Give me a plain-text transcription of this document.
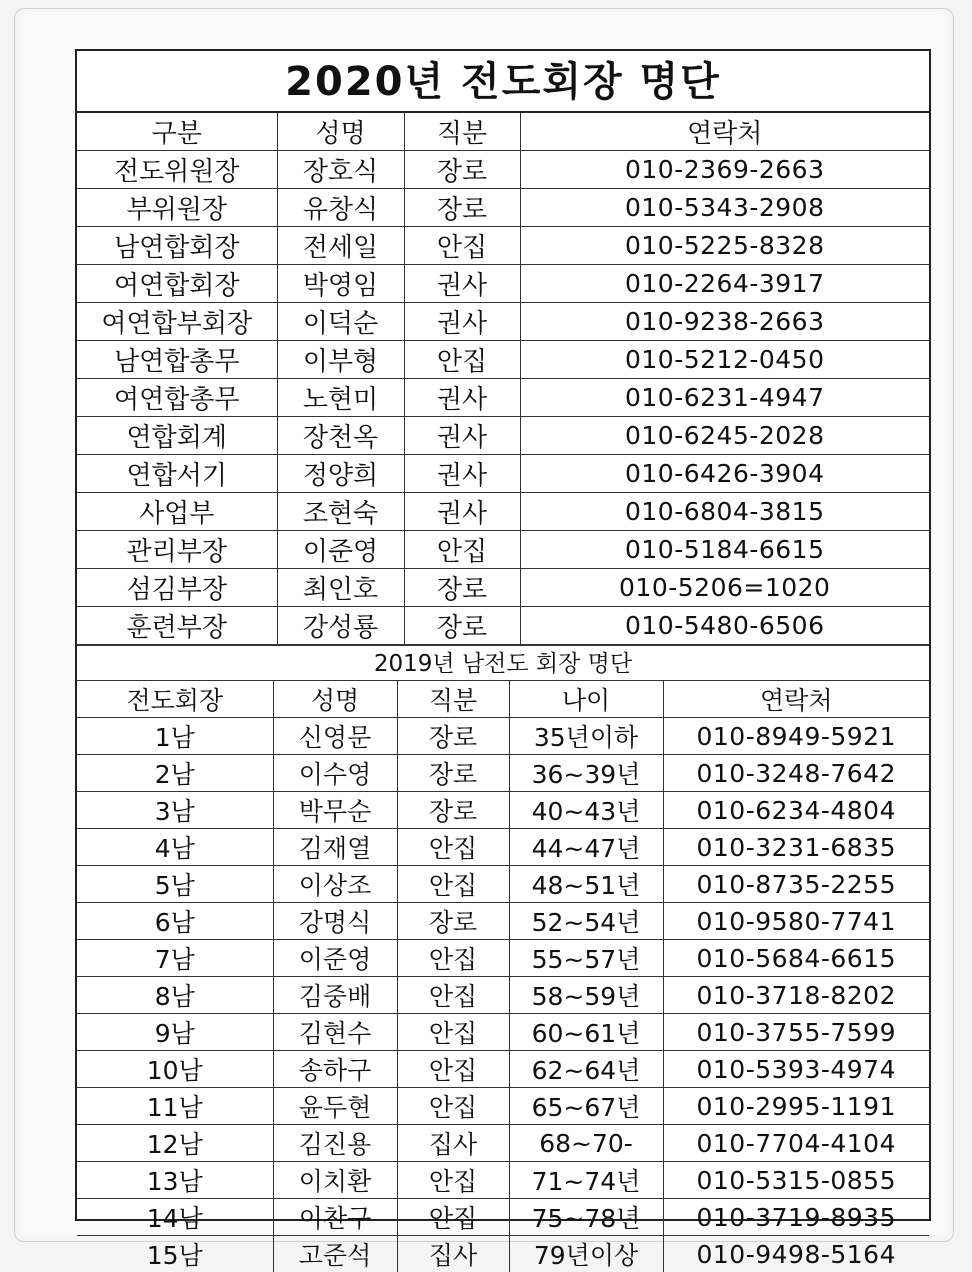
2020년 전도회장 명단
구분	성명	직분	연락처
전도위원장	장호식	장로	010-2369-2663
부위원장	유창식	장로	010-5343-2908
남연합회장	전세일	안집	010-5225-8328
여연합회장	박영임	권사	010-2264-3917
여연합부회장	이덕순	권사	010-9238-2663
남연합총무	이부형	안집	010-5212-0450
여연합총무	노현미	권사	010-6231-4947
연합회계	장천옥	권사	010-6245-2028
연합서기	정양희	권사	010-6426-3904
사업부	조현숙	권사	010-6804-3815
관리부장	이준영	안집	010-5184-6615
섬김부장	최인호	장로	010-5206=1020
훈련부장	강성룡	장로	010-5480-6506
2019년 남전도 회장 명단
전도회장	성명	직분	나이	연락처
1남	신영문	장로	35년이하	010-8949-5921
2남	이수영	장로	36~39년	010-3248-7642
3남	박무순	장로	40~43년	010-6234-4804
4남	김재열	안집	44~47년	010-3231-6835
5남	이상조	안집	48~51년	010-8735-2255
6남	강명식	장로	52~54년	010-9580-7741
7남	이준영	안집	55~57년	010-5684-6615
8남	김중배	안집	58~59년	010-3718-8202
9남	김현수	안집	60~61년	010-3755-7599
10남	송하구	안집	62~64년	010-5393-4974
11남	윤두현	안집	65~67년	010-2995-1191
12남	김진용	집사	68~70-	010-7704-4104
13남	이치환	안집	71~74년	010-5315-0855
14남	이찬구	안집	75~78년	010-3719-8935
15남	고준석	집사	79년이상	010-9498-5164
